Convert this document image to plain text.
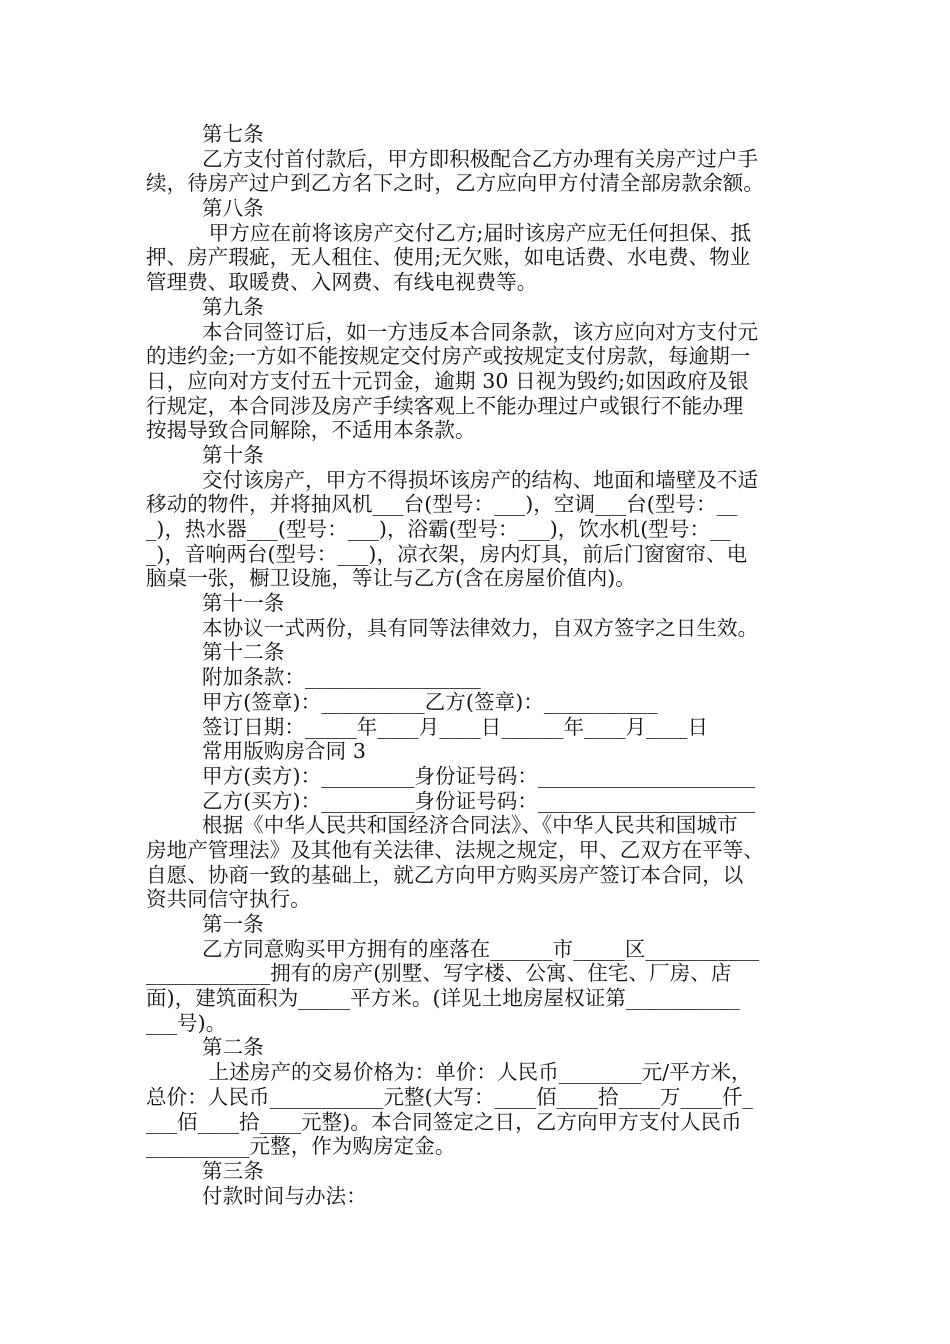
第七条

乙方支付首付款后，甲方即积极配合乙方办理有关房产过户手

续，待房产过户到乙方名下之时，乙方应向甲方付清全部房款余额。

第八条

甲方应在前将该房产交付乙方;届时该房产应无任何担保、抵

押、房产瑕疵，无人租住、使用;无欠账，如电话费、水电费、物业

管理费、取暖费、入网费、有线电视费等。

第九条

本合同签订后，如一方违反本合同条款，该方应向对方支付元

的违约金;一方如不能按规定交付房产或按规定支付房款，每逾期一

日，应向对方支付五十元罚金，逾期 30 日视为毁约;如因政府及银

行规定，本合同涉及房产手续客观上不能办理过户或银行不能办理

按揭导致合同解除，不适用本条款。

第十条

交付该房产，甲方不得损坏该房产的结构、地面和墙壁及不适

移动的物件，并将抽风机___台(型号：___)，空调___台(型号：__

_)，热水器___(型号：___)，浴霸(型号：___)，饮水机(型号：__

_)，音响两台(型号：___)，凉衣架，房内灯具，前后门窗窗帘、电

脑桌一张，橱卫设施，等让与乙方(含在房屋价值内)。

第十一条

本协议一式两份，具有同等法律效力，自双方签字之日生效。

第十二条

附加条款：_________________

甲方(签章)：__________乙方(签章)：___________

签订日期：_____年____月____日______年____月____日

常用版购房合同 3

甲方(卖方)：_________身份证号码：_____________________

乙方(买方)：_________身份证号码：_____________________

根据《中华人民共和国经济合同法》、《中华人民共和国城市

房地产管理法》及其他有关法律、法规之规定，甲、乙双方在平等、

自愿、协商一致的基础上，就乙方向甲方购买房产签订本合同，以

资共同信守执行。

第一条

乙方同意购买甲方拥有的座落在______市_____区___________

____________拥有的房产(别墅、写字楼、公寓、住宅、厂房、店

面)，建筑面积为_____平方米。(详见土地房屋权证第___________

___号)。

第二条

上述房产的交易价格为：单价：人民币________元/平方米，

总价：人民币___________元整(大写：____佰____拾____万____仟_

___佰____拾____元整)。本合同签定之日，乙方向甲方支付人民币

__________元整，作为购房定金。

第三条

付款时间与办法：
